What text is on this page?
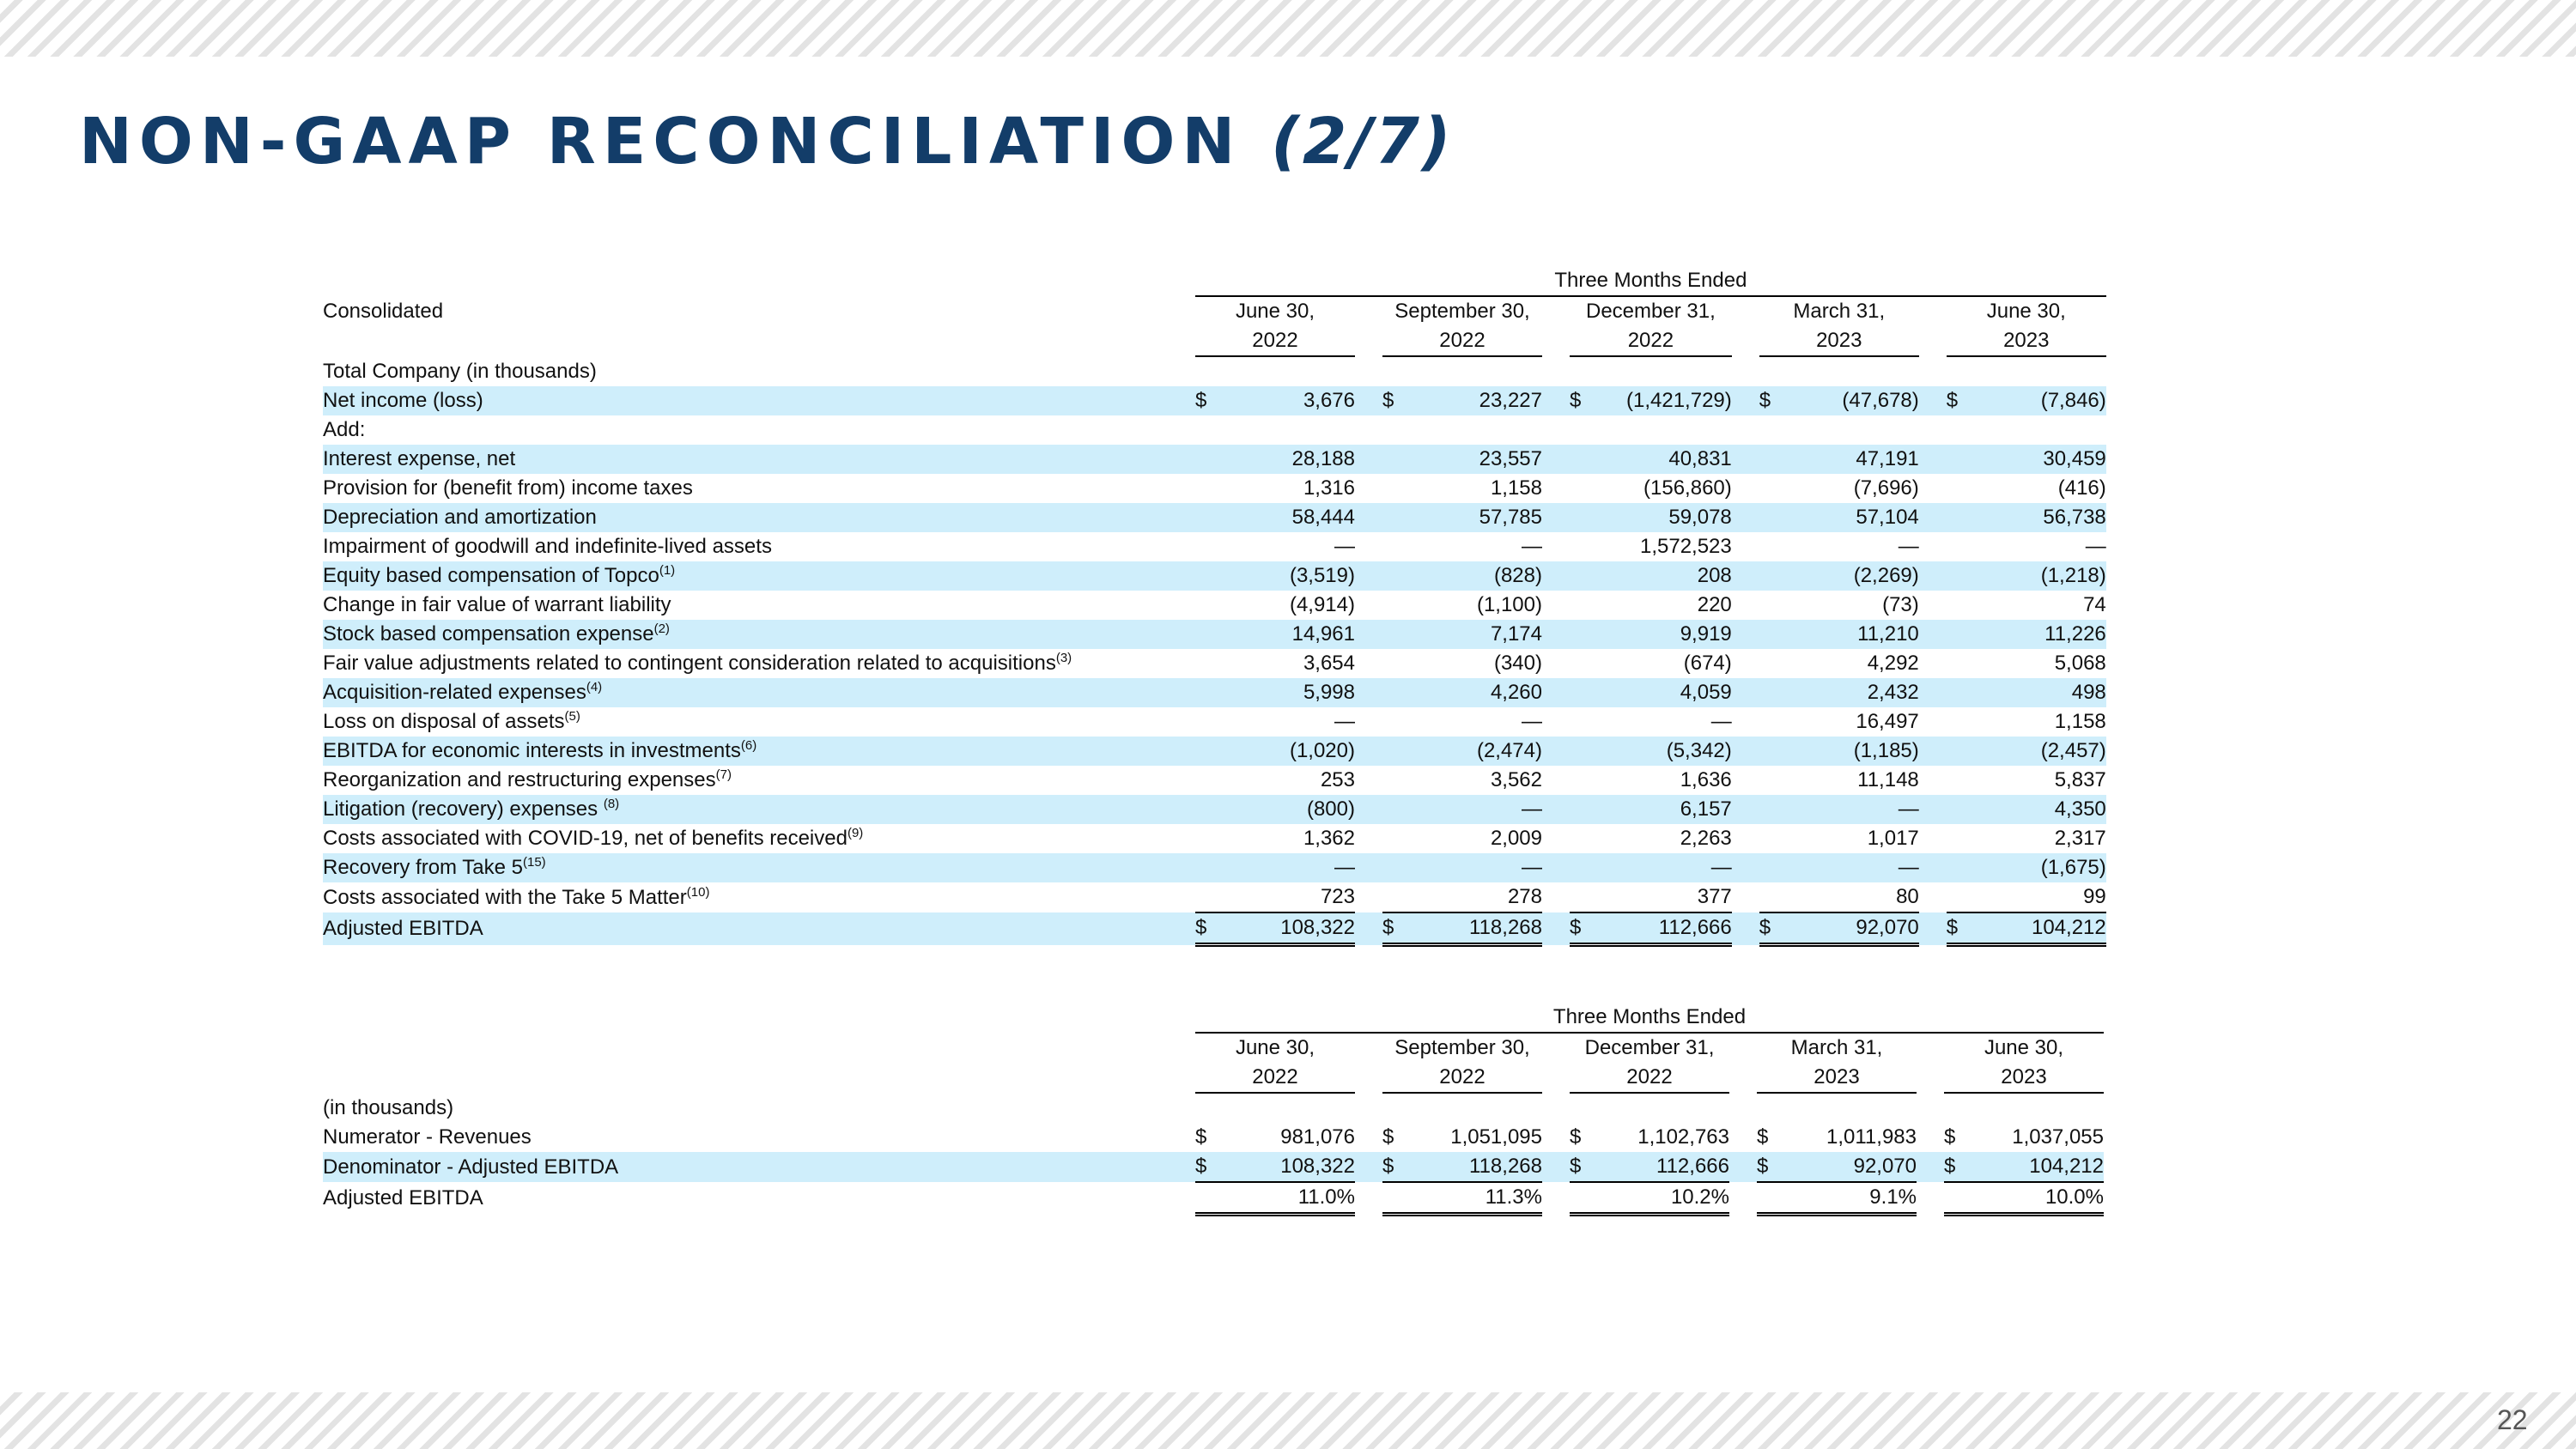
NON-GAAP RECONCILIATION (2/7)
22
	Three Months Ended													
Consolidated	June 30,			September 30,			December 31,			March 31,			June 30,	
	2022			2022			2022			2023			2023	
Total Company (in thousands)														
Net income (loss)	$	3,676		$	23,227		$	(1,421,729)		$	(47,678)		$	(7,846)
Add:														
Interest expense, net		28,188			23,557			40,831			47,191			30,459
Provision for (benefit from) income taxes		1,316			1,158			(156,860)			(7,696)			(416)
Depreciation and amortization		58,444			57,785			59,078			57,104			56,738
Impairment of goodwill and indefinite-lived assets		—			—			1,572,523			—			—
Equity based compensation of Topco$^{(1)}$		(3,519)			(828)			208			(2,269)			(1,218)
Change in fair value of warrant liability		(4,914)			(1,100)			220			(73)			74
Stock based compensation expense$^{(2)}$		14,961			7,174			9,919			11,210			11,226
Fair value adjustments related to contingent consideration related to acquisitions$^{(3)}$		3,654			(340)			(674)			4,292			5,068
Acquisition-related expenses$^{(4)}$		5,998			4,260			4,059			2,432			498
Loss on disposal of assets$^{(5)}$		—			—			—			16,497			1,158
EBITDA for economic interests in investments$^{(6)}$		(1,020)			(2,474)			(5,342)			(1,185)			(2,457)
Reorganization and restructuring expenses$^{(7)}$		253			3,562			1,636			11,148			5,837
Litigation (recovery) expenses $^{(8)}$		(800)			—			6,157			—			4,350
Costs associated with COVID-19, net of benefits received$^{(9)}$		1,362			2,009			2,263			1,017			2,317
Recovery from Take 5$^{(15)}$		—			—			—			—			(1,675)
Costs associated with the Take 5 Matter$^{(10)}$		723			278			377			80			99
Adjusted EBITDA	$	108,322		$	118,268		$	112,666		$	92,070		$	104,212
	Three Months Ended													
	June 30,			September 30,			December 31,			March 31,			June 30,	
	2022			2022			2022			2023			2023	
(in thousands)														
Numerator - Revenues	$	981,076		$	1,051,095		$	1,102,763		$	1,011,983		$	1,037,055
Denominator - Adjusted EBITDA	$	108,322		$	118,268		$	112,666		$	92,070		$	104,212
Adjusted EBITDA		11.0%			11.3%			10.2%			9.1%			10.0%
